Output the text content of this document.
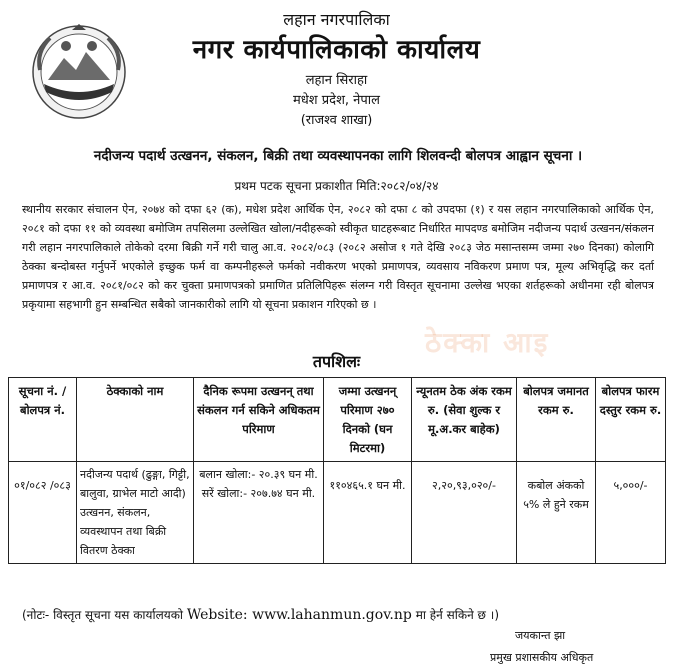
लहान नगरपालिका
नगर कार्यपालिकाको कार्यालय
लहान सिराहा
मधेश प्रदेश, नेपाल
(राजश्व शाखा)
नदीजन्य पदार्थ उत्खनन, संकलन, बिक्री तथा व्यवस्थापनका लागि शिलवन्दी बोलपत्र आह्वान सूचना ।
प्रथम पटक सूचना प्रकाशीत मिति:२०८२/०४/२४
स्थानीय सरकार संचालन ऐन, २०७४ को दफा ६२ (क), मधेश प्रदेश आर्थिक ऐन, २०८२ को दफा ८ को उपदफा (१) र यस लहान नगरपालिकाको आर्थिक ऐन, २०८१ को दफा ११ को व्यवस्था बमोजिम तपसिलमा उल्लेखित खोला/नदीहरूको स्वीकृत घाटहरूबाट निर्धारित मापदण्ड बमोजिम नदीजन्य पदार्थ उत्खनन/संकलन गरी लहान नगरपालिकाले तोकेको दरमा बिक्री गर्ने गरी चालु आ.व. २०८२/०८३ (२०८२ असोज १ गते देखि २०८३ जेठ मसान्तसम्म जम्मा २७० दिनका) कोलागि ठेक्का बन्दोबस्त गर्नुपर्ने भएकोले इच्छुक फर्म वा कम्पनीहरूले फर्मको नवीकरण भएको प्रमाणपत्र, व्यवसाय नविकरण प्रमाण पत्र, मूल्य अभिवृद्धि कर दर्ता प्रमाणपत्र र आ.व. २०८१/०८२ को कर चुक्ता प्रमाणपत्रको प्रमाणित प्रतिलिपिहरू संलग्न गरी विस्तृत सूचनामा उल्लेख भएका शर्तहरूको अधीनमा रही बोलपत्र प्रकृयामा सहभागी हुन सम्बन्धित सबैको जानकारीको लागि यो सूचना प्रकाशन गरिएको छ ।
ठेक्का आइ
तपशिलः
सूचना नं. / बोलपत्र नं.	ठेक्काको नाम	दैनिक रूपमा उत्खनन् तथा संकलन गर्न सकिने अधिकतम परिमाण	जम्मा उत्खनन् परिमाण २७० दिनको (घन मिटरमा)	न्यूनतम ठेक अंक रकम रु. (सेवा शुल्क र मू.अ.कर बाहेक)	बोलपत्र जमानत रकम रु.	बोलपत्र फारम दस्तुर रकम रु.
०१/०८२ /०८३	नदीजन्य पदार्थ (ढुङ्गा, गिट्टी, बालुवा, ग्राभेल माटो आदी) उत्खनन, संकलन, व्यवस्थापन तथा बिक्री वितरण ठेक्का	बलान खोला:- २०.३९ घन मी. सरें खोला:- २०७.७४ घन मी.	११०४६५.१ घन मी.	२,२०,९३,०२०/-	कबोल अंकको ५% ले हुने रकम	५,०००/-
(नोटः- विस्तृत सूचना यस कार्यालयको Website: www.lahanmun.gov.np मा हेर्न सकिने छ ।)
जयकान्त झा
प्रमुख प्रशासकीय अधिकृत
